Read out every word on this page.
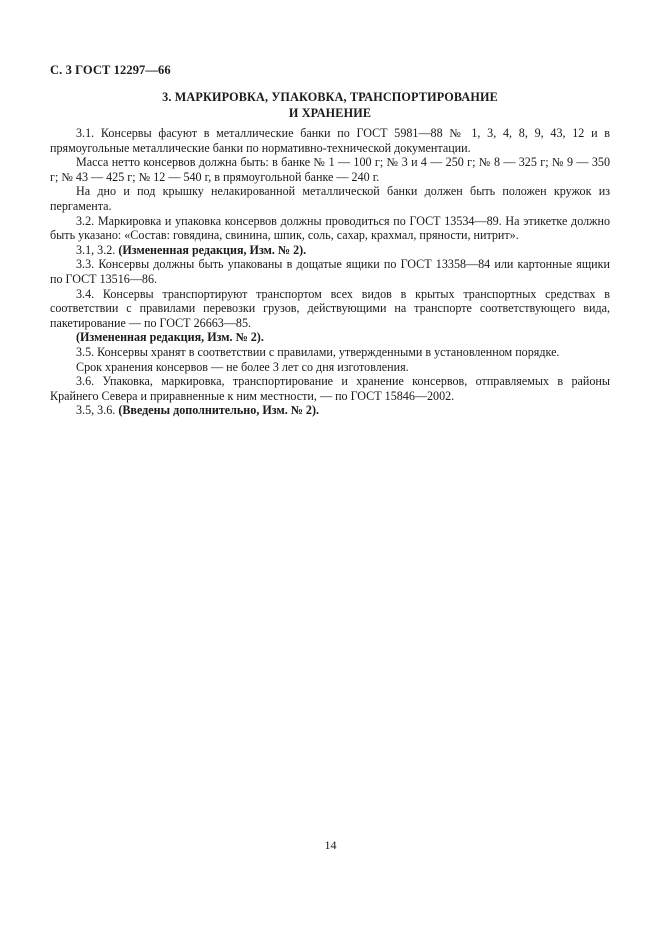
С. 3 ГОСТ 12297—66
3. МАРКИРОВКА, УПАКОВКА, ТРАНСПОРТИРОВАНИЕ
И ХРАНЕНИЕ

3.1. Консервы фасуют в металлические банки по ГОСТ 5981—88 № 1, 3, 4, 8, 9, 43, 12 и в прямоугольные металлические банки по нормативно-технической документации.

Масса нетто консервов должна быть: в банке № 1 — 100 г; № 3 и 4 — 250 г; № 8 — 325 г; № 9 — 350 г; № 43 — 425 г; № 12 — 540 г, в прямоугольной банке — 240 г.

На дно и под крышку нелакированной металлической банки должен быть положен кружок из пергамента.

3.2. Маркировка и упаковка консервов должны проводиться по ГОСТ 13534—89. На этикетке должно быть указано: «Состав: говядина, свинина, шпик, соль, сахар, крахмал, пряности, нитрит».

3.1, 3.2. (Измененная редакция, Изм. № 2).

3.3. Консервы должны быть упакованы в дощатые ящики по ГОСТ 13358—84 или картонные ящики по ГОСТ 13516—86.

3.4. Консервы транспортируют транспортом всех видов в крытых транспортных средствах в соответствии с правилами перевозки грузов, действующими на транспорте соответствующего вида, пакетирование — по ГОСТ 26663—85.

(Измененная редакция, Изм. № 2).

3.5. Консервы хранят в соответствии с правилами, утвержденными в установленном порядке.

Срок хранения консервов — не более 3 лет со дня изготовления.

3.6. Упаковка, маркировка, транспортирование и хранение консервов, отправляемых в районы Крайнего Севера и приравненные к ним местности, — по ГОСТ 15846—2002.

3.5, 3.6. (Введены дополнительно, Изм. № 2).

14
